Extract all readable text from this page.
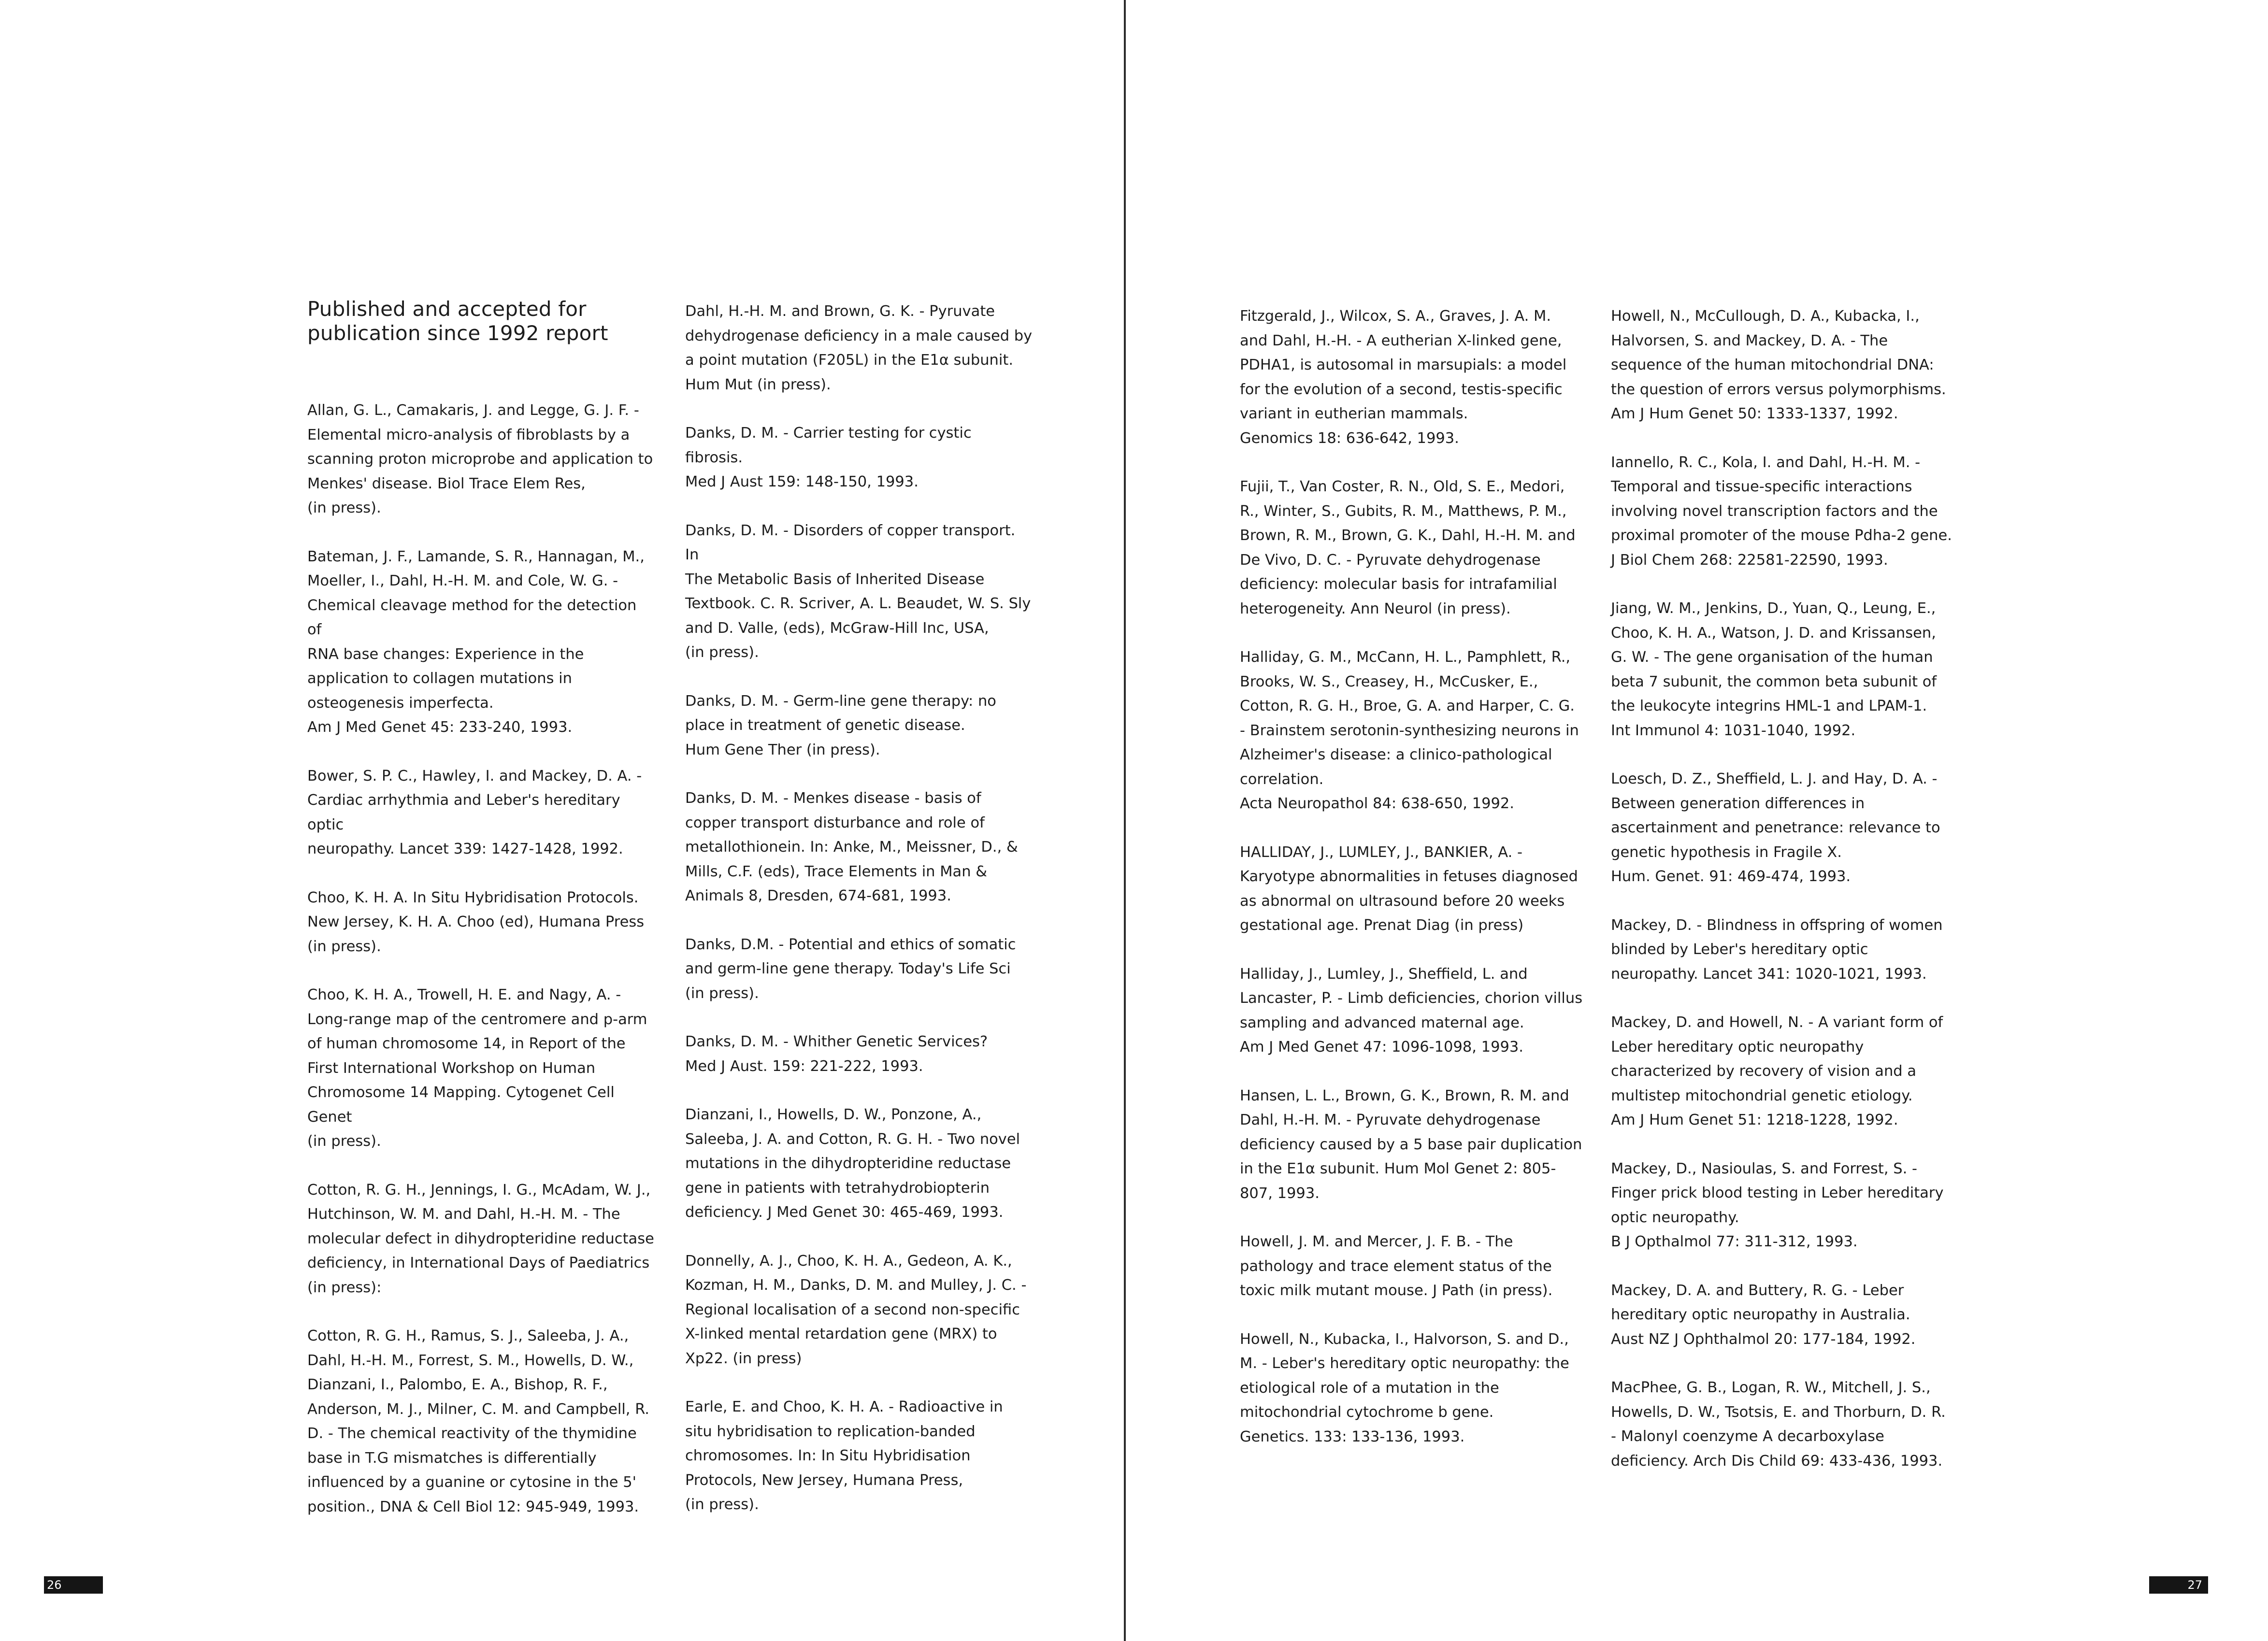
Published and accepted for
publication since 1992 report

Allan, G. L., Camakaris, J. and Legge, G. J. F. -
Elemental micro-analysis of fibroblasts by a
scanning proton microprobe and application to
Menkes' disease. Biol Trace Elem Res,
(in press).

Bateman, J. F., Lamande, S. R., Hannagan, M.,
Moeller, I., Dahl, H.-H. M. and Cole, W. G. -
Chemical cleavage method for the detection of
RNA base changes: Experience in the
application to collagen mutations in
osteogenesis imperfecta.
Am J Med Genet 45: 233-240, 1993.

Bower, S. P. C., Hawley, I. and Mackey, D. A. -
Cardiac arrhythmia and Leber's hereditary optic
neuropathy. Lancet 339: 1427-1428, 1992.

Choo, K. H. A. In Situ Hybridisation Protocols.
New Jersey, K. H. A. Choo (ed), Humana Press
(in press).

Choo, K. H. A., Trowell, H. E. and Nagy, A. -
Long-range map of the centromere and p-arm
of human chromosome 14, in Report of the
First International Workshop on Human
Chromosome 14 Mapping. Cytogenet Cell Genet
(in press).

Cotton, R. G. H., Jennings, I. G., McAdam, W. J.,
Hutchinson, W. M. and Dahl, H.-H. M. - The
molecular defect in dihydropteridine reductase
deficiency, in International Days of Paediatrics
(in press):

Cotton, R. G. H., Ramus, S. J., Saleeba, J. A.,
Dahl, H.-H. M., Forrest, S. M., Howells, D. W.,
Dianzani, I., Palombo, E. A., Bishop, R. F.,
Anderson, M. J., Milner, C. M. and Campbell, R.
D. - The chemical reactivity of the thymidine
base in T.G mismatches is differentially
influenced by a guanine or cytosine in the 5'
position., DNA & Cell Biol 12: 945-949, 1993.

Dahl, H.-H. M. and Brown, G. K. - Pyruvate
dehydrogenase deficiency in a male caused by
a point mutation (F205L) in the E1α subunit.
Hum Mut (in press).

Danks, D. M. - Carrier testing for cystic fibrosis.
Med J Aust 159: 148-150, 1993.

Danks, D. M. - Disorders of copper transport. In
The Metabolic Basis of Inherited Disease
Textbook. C. R. Scriver, A. L. Beaudet, W. S. Sly
and D. Valle, (eds), McGraw-Hill Inc, USA,
(in press).

Danks, D. M. - Germ-line gene therapy: no
place in treatment of genetic disease.
Hum Gene Ther (in press).

Danks, D. M. - Menkes disease - basis of
copper transport disturbance and role of
metallothionein. In: Anke, M., Meissner, D., &
Mills, C.F. (eds), Trace Elements in Man &
Animals 8, Dresden, 674-681, 1993.

Danks, D.M. - Potential and ethics of somatic
and germ-line gene therapy. Today's Life Sci
(in press).

Danks, D. M. - Whither Genetic Services?
Med J Aust. 159: 221-222, 1993.

Dianzani, I., Howells, D. W., Ponzone, A.,
Saleeba, J. A. and Cotton, R. G. H. - Two novel
mutations in the dihydropteridine reductase
gene in patients with tetrahydrobiopterin
deficiency. J Med Genet 30: 465-469, 1993.

Donnelly, A. J., Choo, K. H. A., Gedeon, A. K.,
Kozman, H. M., Danks, D. M. and Mulley, J. C. -
Regional localisation of a second non-specific
X-linked mental retardation gene (MRX) to
Xp22. (in press)

Earle, E. and Choo, K. H. A. - Radioactive in
situ hybridisation to replication-banded
chromosomes. In: In Situ Hybridisation
Protocols, New Jersey, Humana Press,
(in press).

26	27

Fitzgerald, J., Wilcox, S. A., Graves, J. A. M.
and Dahl, H.-H. - A eutherian X-linked gene,
PDHA1, is autosomal in marsupials: a model
for the evolution of a second, testis-specific
variant in eutherian mammals.
Genomics 18: 636-642, 1993.

Fujii, T., Van Coster, R. N., Old, S. E., Medori,
R., Winter, S., Gubits, R. M., Matthews, P. M.,
Brown, R. M., Brown, G. K., Dahl, H.-H. M. and
De Vivo, D. C. - Pyruvate dehydrogenase
deficiency: molecular basis for intrafamilial
heterogeneity. Ann Neurol (in press).

Halliday, G. M., McCann, H. L., Pamphlett, R.,
Brooks, W. S., Creasey, H., McCusker, E.,
Cotton, R. G. H., Broe, G. A. and Harper, C. G.
- Brainstem serotonin-synthesizing neurons in
Alzheimer's disease: a clinico-pathological
correlation.
Acta Neuropathol 84: 638-650, 1992.

HALLIDAY, J., LUMLEY, J., BANKIER, A. -
Karyotype abnormalities in fetuses diagnosed
as abnormal on ultrasound before 20 weeks
gestational age. Prenat Diag (in press)

Halliday, J., Lumley, J., Sheffield, L. and
Lancaster, P. - Limb deficiencies, chorion villus
sampling and advanced maternal age.
Am J Med Genet 47: 1096-1098, 1993.

Hansen, L. L., Brown, G. K., Brown, R. M. and
Dahl, H.-H. M. - Pyruvate dehydrogenase
deficiency caused by a 5 base pair duplication
in the E1α subunit. Hum Mol Genet 2: 805-
807, 1993.

Howell, J. M. and Mercer, J. F. B. - The
pathology and trace element status of the
toxic milk mutant mouse. J Path (in press).

Howell, N., Kubacka, I., Halvorson, S. and D.,
M. - Leber's hereditary optic neuropathy: the
etiological role of a mutation in the
mitochondrial cytochrome b gene.
Genetics. 133: 133-136, 1993.

Howell, N., McCullough, D. A., Kubacka, I.,
Halvorsen, S. and Mackey, D. A. - The
sequence of the human mitochondrial DNA:
the question of errors versus polymorphisms.
Am J Hum Genet 50: 1333-1337, 1992.

Iannello, R. C., Kola, I. and Dahl, H.-H. M. -
Temporal and tissue-specific interactions
involving novel transcription factors and the
proximal promoter of the mouse Pdha-2 gene.
J Biol Chem 268: 22581-22590, 1993.

Jiang, W. M., Jenkins, D., Yuan, Q., Leung, E.,
Choo, K. H. A., Watson, J. D. and Krissansen,
G. W. - The gene organisation of the human
beta 7 subunit, the common beta subunit of
the leukocyte integrins HML-1 and LPAM-1.
Int Immunol 4: 1031-1040, 1992.

Loesch, D. Z., Sheffield, L. J. and Hay, D. A. -
Between generation differences in
ascertainment and penetrance: relevance to
genetic hypothesis in Fragile X.
Hum. Genet. 91: 469-474, 1993.

Mackey, D. - Blindness in offspring of women
blinded by Leber's hereditary optic
neuropathy. Lancet 341: 1020-1021, 1993.

Mackey, D. and Howell, N. - A variant form of
Leber hereditary optic neuropathy
characterized by recovery of vision and a
multistep mitochondrial genetic etiology.
Am J Hum Genet 51: 1218-1228, 1992.

Mackey, D., Nasioulas, S. and Forrest, S. -
Finger prick blood testing in Leber hereditary
optic neuropathy.
B J Opthalmol 77: 311-312, 1993.

Mackey, D. A. and Buttery, R. G. - Leber
hereditary optic neuropathy in Australia.
Aust NZ J Ophthalmol 20: 177-184, 1992.

MacPhee, G. B., Logan, R. W., Mitchell, J. S.,
Howells, D. W., Tsotsis, E. and Thorburn, D. R.
- Malonyl coenzyme A decarboxylase
deficiency. Arch Dis Child 69: 433-436, 1993.
